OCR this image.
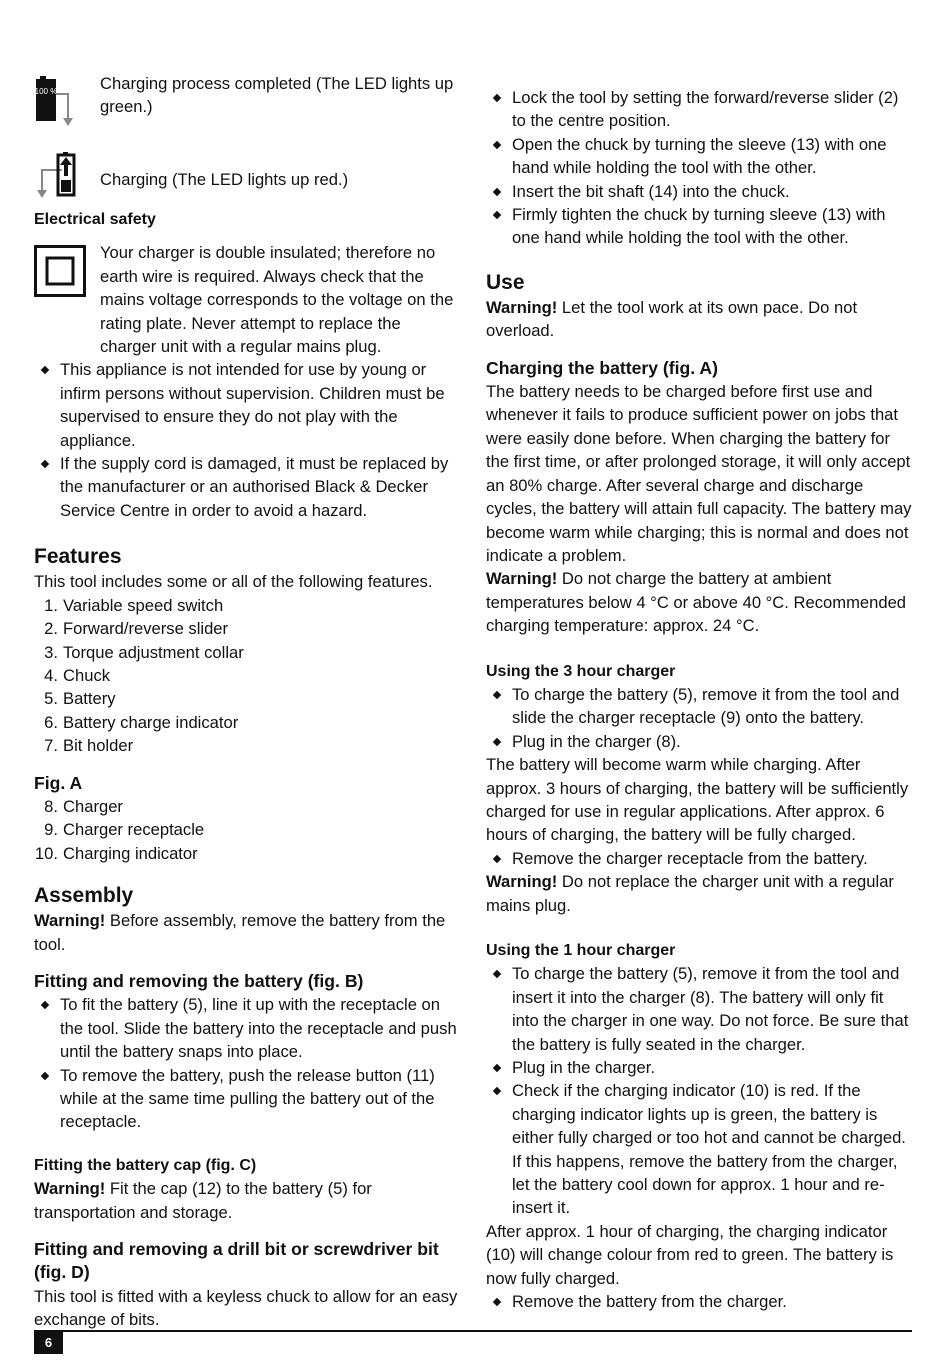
100 %	Charging process completed (The LED lights up green.)

Charging (The LED lights up red.)

Electrical safety

Your charger is double insulated; therefore no earth wire is required. Always check that the mains voltage corresponds to the voltage on the rating plate. Never attempt to replace the charger unit with a regular mains plug.

This appliance is not intended for use by young or infirm persons without supervision. Children must be supervised to ensure they do not play with the appliance.
If the supply cord is damaged, it must be replaced by the manufacturer or an authorised Black & Decker Service Centre in order to avoid a hazard.

Features

This tool includes some or all of the following features.

1. Variable speed switch
2. Forward/reverse slider
3. Torque adjustment collar
4. Chuck
5. Battery
6. Battery charge indicator
7. Bit holder

Fig. A

8. Charger
9. Charger receptacle
10. Charging indicator

Assembly

Warning! Before assembly, remove the battery from the tool.

Fitting and removing the battery (fig. B)

To fit the battery (5), line it up with the receptacle on the tool. Slide the battery into the receptacle and push until the battery snaps into place.
To remove the battery, push the release button (11) while at the same time pulling the battery out of the receptacle.

Fitting the battery cap (fig. C)

Warning! Fit the cap (12) to the battery (5) for transportation and storage.

Fitting and removing a drill bit or screwdriver bit (fig. D)

This tool is fitted with a keyless chuck to allow for an easy exchange of bits.

Lock the tool by setting the forward/reverse slider (2) to the centre position.
Open the chuck by turning the sleeve (13) with one hand while holding the tool with the other.
Insert the bit shaft (14) into the chuck.
Firmly tighten the chuck by turning sleeve (13) with one hand while holding the tool with the other.

Use

Warning! Let the tool work at its own pace. Do not overload.

Charging the battery (fig. A)

The battery needs to be charged before first use and whenever it fails to produce sufficient power on jobs that were easily done before. When charging the battery for the first time, or after prolonged storage, it will only accept an 80% charge. After several charge and discharge cycles, the battery will attain full capacity. The battery may become warm while charging; this is normal and does not indicate a problem.

Warning! Do not charge the battery at ambient temperatures below 4 °C or above 40 °C. Recommended charging temperature: approx. 24 °C.

Using the 3 hour charger

To charge the battery (5), remove it from the tool and slide the charger receptacle (9) onto the battery.
Plug in the charger (8).

The battery will become warm while charging. After approx. 3 hours of charging, the battery will be sufficiently charged for use in regular applications. After approx. 6 hours of charging, the battery will be fully charged.

Remove the charger receptacle from the battery.

Warning! Do not replace the charger unit with a regular mains plug.

Using the 1 hour charger

To charge the battery (5), remove it from the tool and insert it into the charger (8). The battery will only fit into the charger in one way. Do not force. Be sure that the battery is fully seated in the charger.
Plug in the charger.
Check if the charging indicator (10) is red. If the charging indicator lights up is green, the battery is either fully charged or too hot and cannot be charged. If this happens, remove the battery from the charger, let the battery cool down for approx. 1 hour and re-insert it.

After approx. 1 hour of charging, the charging indicator (10) will change colour from red to green. The battery is now fully charged.

Remove the battery from the charger.
6
